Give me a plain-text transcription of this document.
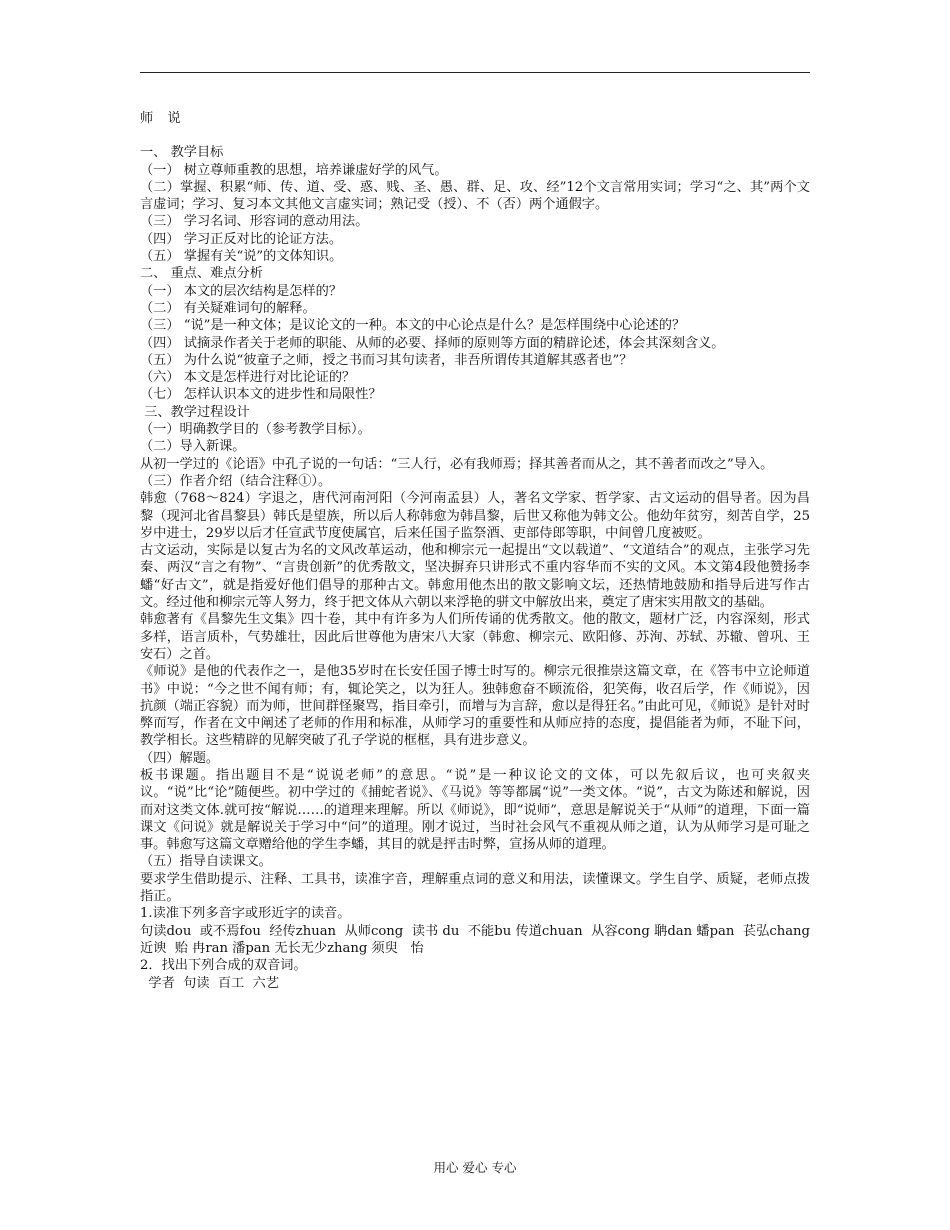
师 说
一、 教学目标
（一） 树立尊师重教的思想，培养谦虚好学的风气。
（二）掌握、积累“师、传、道、受、惑、贱、圣、愚、群、足、攻、经”12个文言常用实词；学习“之、其”两个文言虚词；学习、复习本文其他文言虚实词；熟记受（授）、不（否）两个通假字。
（三） 学习名词、形容词的意动用法。
（四） 学习正反对比的论证方法。
（五） 掌握有关“说”的文体知识。
二、 重点、难点分析
（一） 本文的层次结构是怎样的？
（二） 有关疑难词句的解释。
（三） “说”是一种文体；是议论文的一种。本文的中心论点是什么？是怎样围绕中心论述的？
（四） 试摘录作者关于老师的职能、从师的必要、择师的原则等方面的精辟论述，体会其深刻含义。
（五） 为什么说“彼童子之师，授之书而习其句读者，非吾所谓传其道解其惑者也”？
（六） 本文是怎样进行对比论证的？
（七） 怎样认识本文的进步性和局限性？
三、教学过程设计
（一）明确教学目的（参考教学目标）。
（二）导入新课。
从初一学过的《论语》中孔子说的一句话：“三人行，必有我师焉；择其善者而从之，其不善者而改之”导入。
（三）作者介绍（结合注释①）。
韩愈（768～824）字退之，唐代河南河阳（今河南孟县）人，著名文学家、哲学家、古文运动的倡导者。因为昌黎（现河北省昌黎县）韩氏是望族，所以后人称韩愈为韩昌黎，后世又称他为韩文公。他幼年贫穷，刻苦自学，25岁中进士，29岁以后才任宣武节度使属官，后来任国子监祭酒、吏部侍郎等职，中间曾几度被贬。
古文运动，实际是以复古为名的文风改革运动，他和柳宗元一起提出“文以载道”、“文道结合”的观点，主张学习先秦、两汉“言之有物”、“言贵创新”的优秀散文，坚决摒弃只讲形式不重内容华而不实的文风。本文第4段他赞扬李蟠“好古文”，就是指爱好他们倡导的那种古文。韩愈用他杰出的散文影响文坛，还热情地鼓励和指导后进写作古文。经过他和柳宗元等人努力，终于把文体从六朝以来浮艳的骈文中解放出来，奠定了唐宋实用散文的基础。
韩愈著有《昌黎先生文集》四十卷，其中有许多为人们所传诵的优秀散文。他的散文，题材广泛，内容深刻，形式多样，语言质朴，气势雄壮，因此后世尊他为唐宋八大家（韩愈、柳宗元、欧阳修、苏洵、苏轼、苏辙、曾巩、王安石）之首。
《师说》是他的代表作之一，是他35岁时在长安任国子博士时写的。柳宗元很推崇这篇文章，在《答韦中立论师道书》中说：“今之世不闻有师；有，辄论笑之，以为狂人。独韩愈奋不顾流俗，犯笑侮，收召后学，作《师说》，因抗颜（端正容貌）而为师，世间群怪聚骂，指目牵引，而增与为言辞，愈以是得狂名。”由此可见，《师说》是针对时弊而写，作者在文中阐述了老师的作用和标准，从师学习的重要性和从师应持的态度，提倡能者为师，不耻下问，教学相长。这些精辟的见解突破了孔子学说的框框，具有进步意义。
（四）解题。
板书课题。指出题目不是“说说老师”的意思。“说”是一种议论文的文体，可以先叙后议，也可夹叙夹议。“说”比“论”随便些。初中学过的《捕蛇者说》、《马说》等等都属“说”一类文体。“说”，古文为陈述和解说，因而对这类文体.就可按“解说……的道理来理解。所以《师说》，即“说师”，意思是解说关于“从师”的道理，下面一篇课文《问说》就是解说关于学习中“问”的道理。刚才说过，当时社会风气不重视从师之道，认为从师学习是可耻之事。韩愈写这篇文章赠给他的学生李蟠，其目的就是抨击时弊，宣扬从师的道理。
（五）指导自读课文。
要求学生借助提示、注释、工具书，读准字音，理解重点词的意义和用法，读懂课文。学生自学、质疑，老师点拨指正。
1.读准下列多音字或形近字的读音。
句读dou  或不焉fou  经传zhuan  从师cong  读书 du  不能bu 传道chuan  从容cong 聃dan 蟠pan  苌弘chang   近谀  贻 冉ran 潘pan 无长无少zhang 须臾   怡
2．找出下列合成的双音词。
学者  句读  百工  六艺
用心 爱心 专心
